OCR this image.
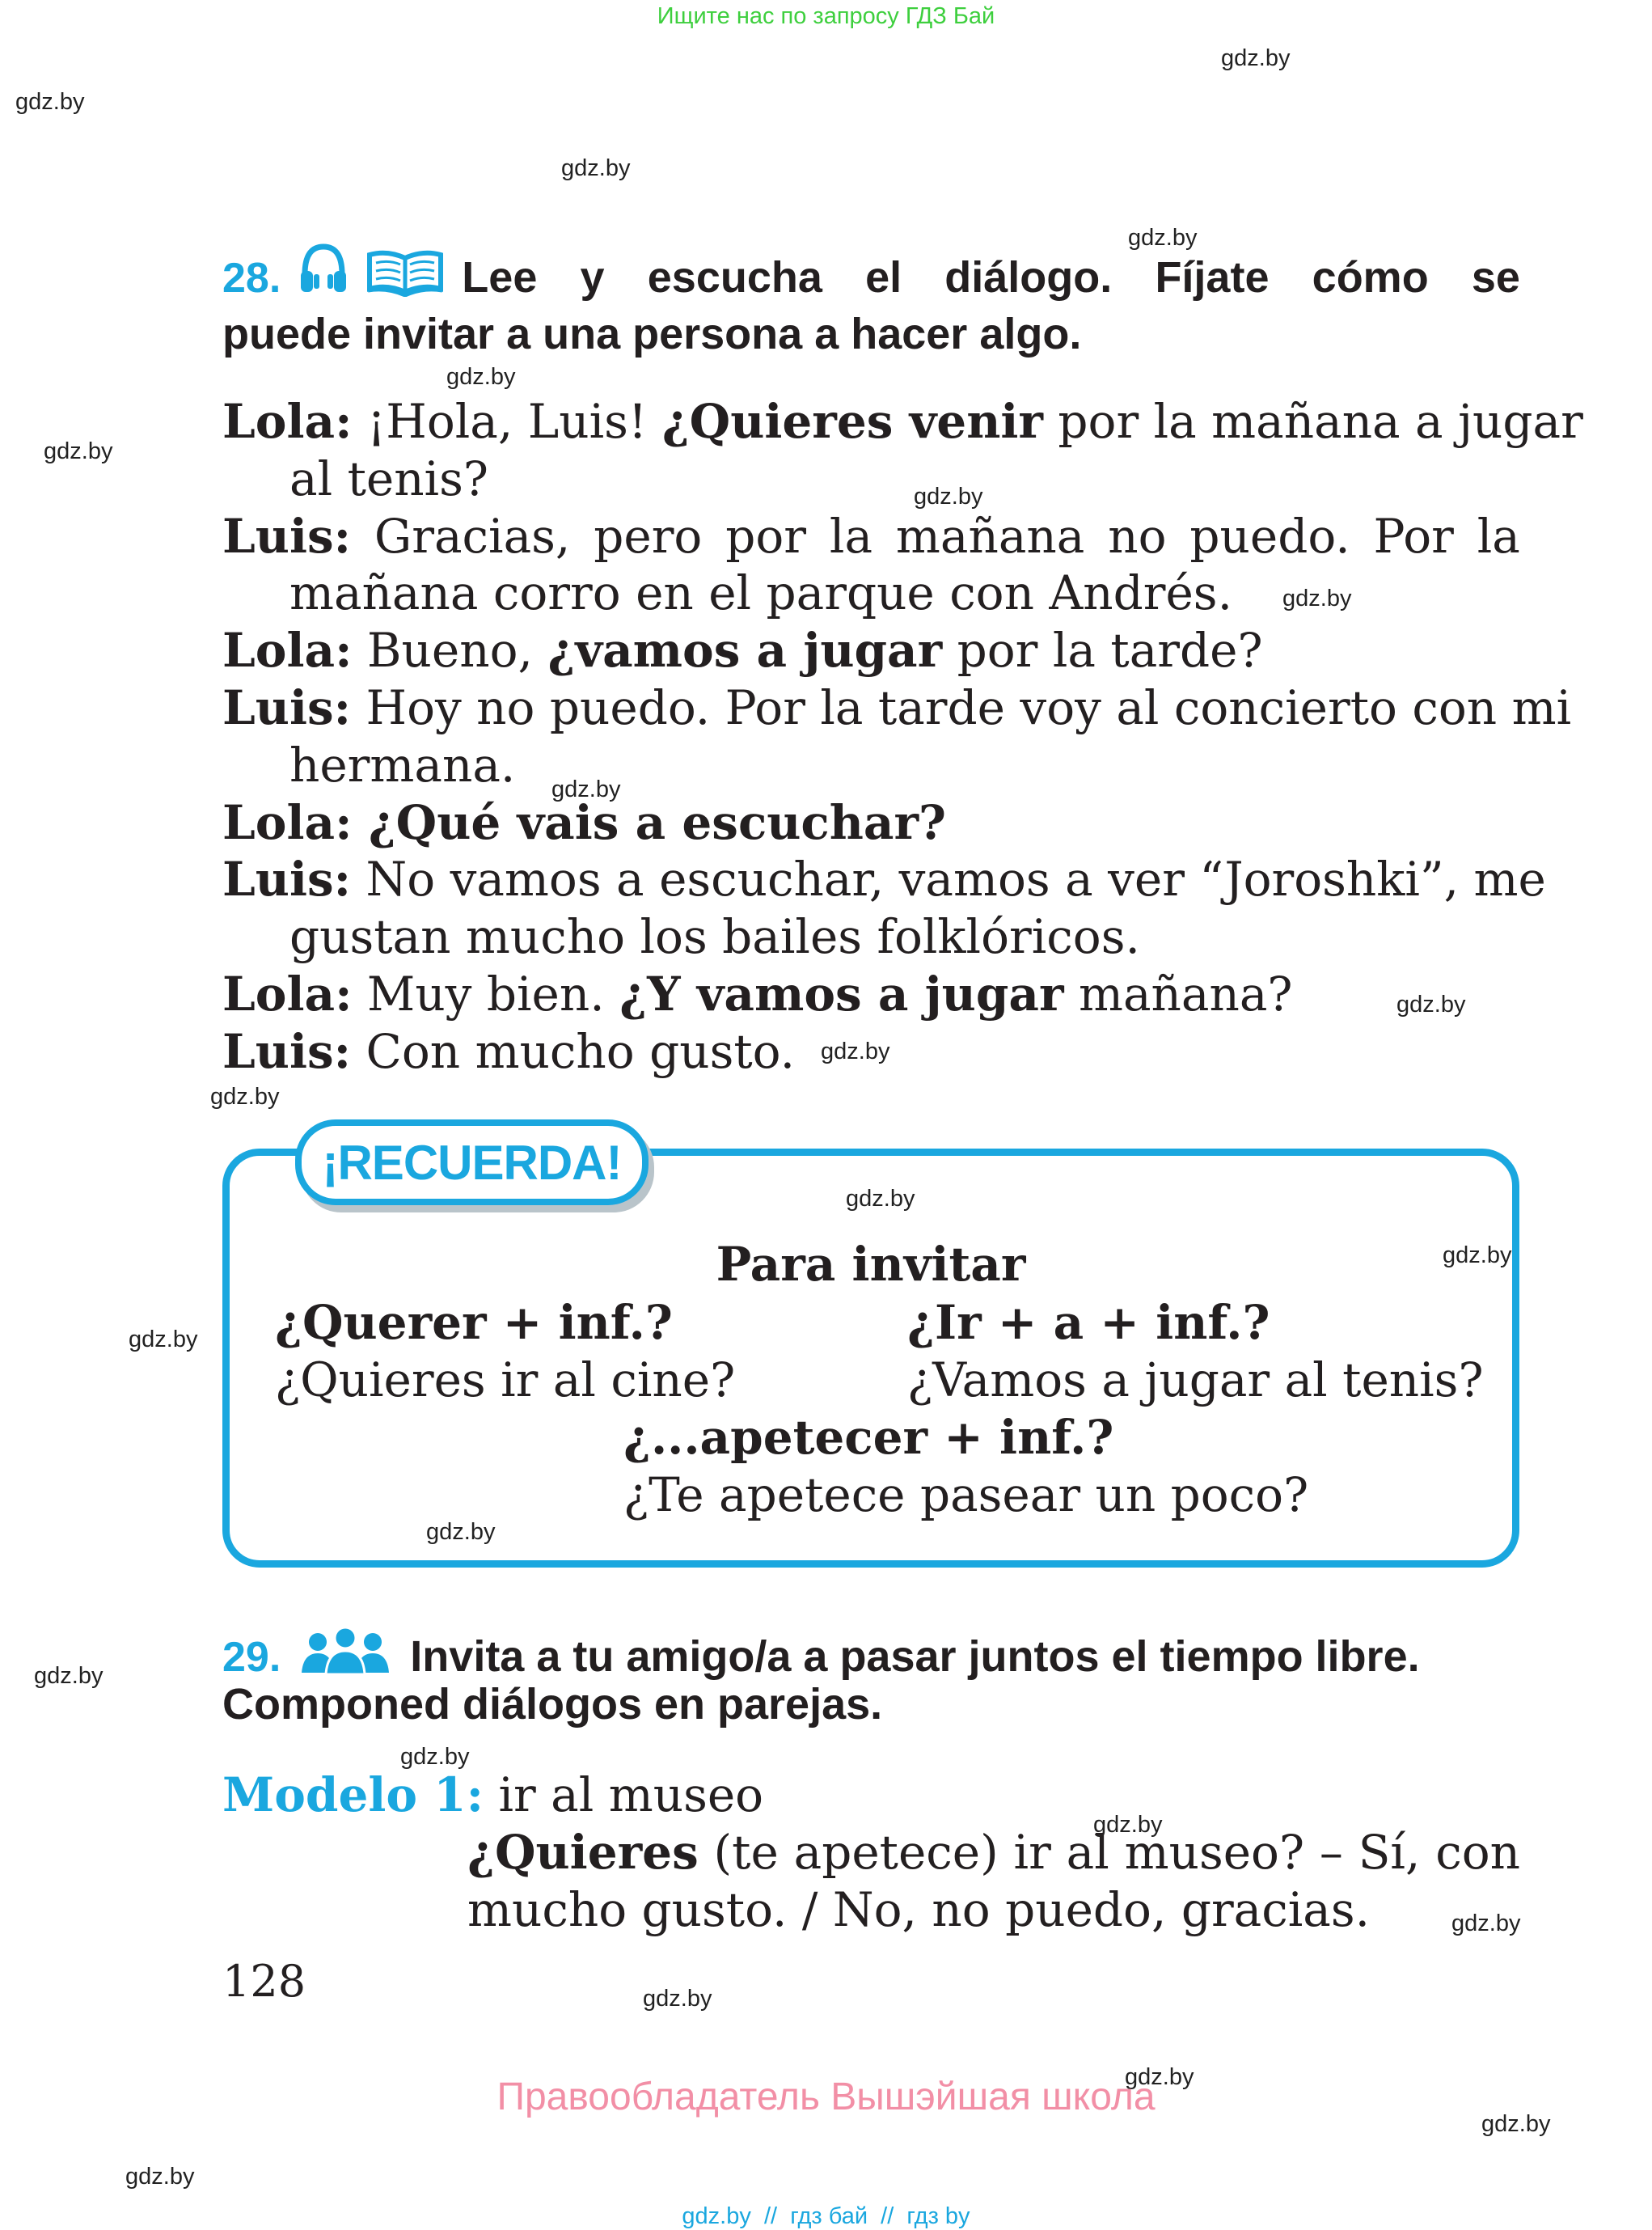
Ищите нас по запросу ГДЗ Бай
gdz.by
gdz.by
gdz.by
gdz.by
gdz.by
gdz.by
gdz.by
gdz.by
gdz.by
gdz.by
gdz.by
gdz.by
gdz.by
gdz.by
gdz.by
gdz.by
gdz.by
gdz.by
gdz.by
gdz.by
gdz.by
gdz.by
gdz.by
gdz.by
28.	Lee y escucha el diálogo. Fíjate cómo se
puede invitar a una persona a hacer algo.
Lola: ¡Hola, Luis! ¿Quieres venir por la mañana a jugar
al tenis?
Luis: Gracias, pero por la mañana no puedo. Por la
mañana corro en el parque con Andrés.
Lola: Bueno, ¿vamos a jugar por la tarde?
Luis: Hoy no puedo. Por la tarde voy al concierto con mi
hermana.
Lola: ¿Qué vais a escuchar?
Luis: No vamos a escuchar, vamos a ver “Joroshki”, me
gustan mucho los bailes folklóricos.
Lola: Muy bien. ¿Y vamos a jugar mañana?
Luis: Con mucho gusto.
¡RECUERDA!
Para invitar
¿Querer + inf.?
¿Quieres ir al cine?
¿Ir + a + inf.?
¿Vamos a jugar al tenis?
¿...apetecer + inf.?
¿Te apetece pasear un poco?
29.	Invita a tu amigo/a a pasar juntos el tiempo libre.
Componed diálogos en parejas.
Modelo 1: ir al museo
¿Quieres (te apetece) ir al museo? – Sí, con
mucho gusto. / No, no puedo, gracias.
128
Правообладатель Вышэйшая школа
gdz.by  //  гдз бай  //  гдз by
